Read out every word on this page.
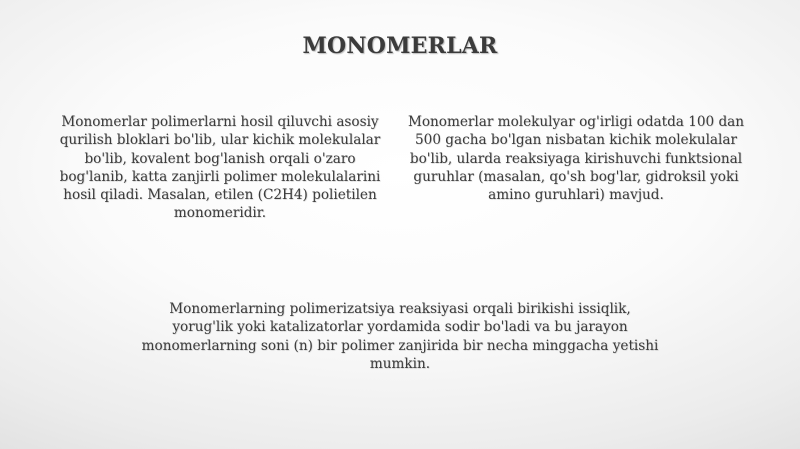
MONOMERLAR
Monomerlar polimerlarni hosil qiluvchi asosiy qurilish bloklari bo'lib, ular kichik molekulalar bo'lib, kovalent bog'lanish orqali o'zaro bog'lanib, katta zanjirli polimer molekulalarini hosil qiladi. Masalan, etilen (C2H4) polietilen monomeridir.
Monomerlar molekulyar og'irligi odatda 100 dan 500 gacha bo'lgan nisbatan kichik molekulalar bo'lib, ularda reaksiyaga kirishuvchi funktsional guruhlar (masalan, qo'sh bog'lar, gidroksil yoki amino guruhlari) mavjud.
Monomerlarning polimerizatsiya reaksiyasi orqali birikishi issiqlik, yorug'lik yoki katalizatorlar yordamida sodir bo'ladi va bu jarayon monomerlarning soni (n) bir polimer zanjirida bir necha minggacha yetishi mumkin.
